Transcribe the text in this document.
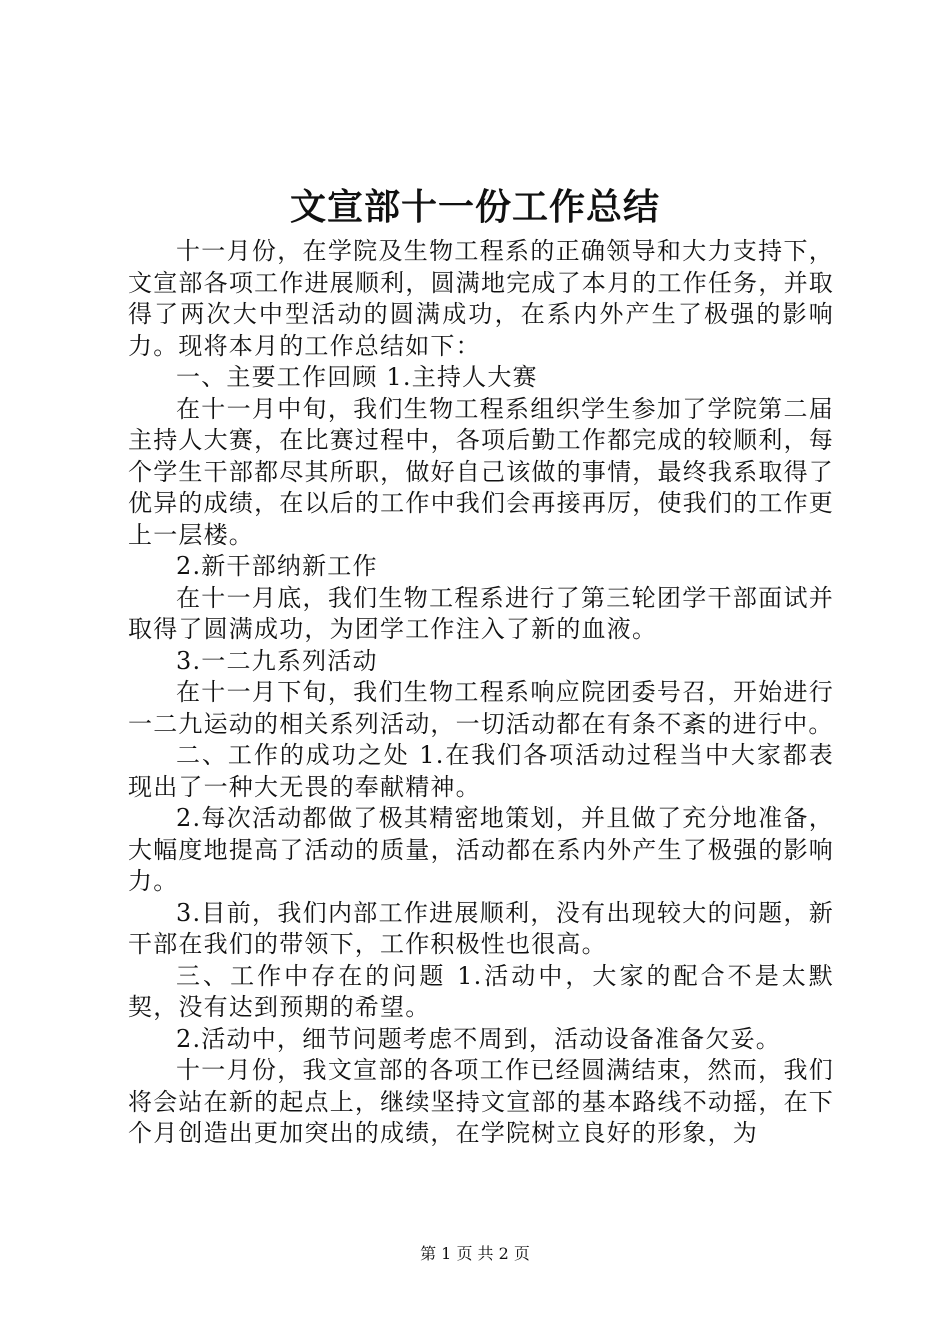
文宣部十一份工作总结

十一月份，在学院及生物工程系的正确领导和大力支持下，文宣部各项工作进展顺利，圆满地完成了本月的工作任务，并取得了两次大中型活动的圆满成功，在系内外产生了极强的影响力。现将本月的工作总结如下：

一、主要工作回顾 1.主持人大赛

在十一月中旬，我们生物工程系组织学生参加了学院第二届主持人大赛，在比赛过程中，各项后勤工作都完成的较顺利，每个学生干部都尽其所职，做好自己该做的事情，最终我系取得了优异的成绩，在以后的工作中我们会再接再厉，使我们的工作更上一层楼。

2.新干部纳新工作

在十一月底，我们生物工程系进行了第三轮团学干部面试并取得了圆满成功，为团学工作注入了新的血液。

3.一二九系列活动

在十一月下旬，我们生物工程系响应院团委号召，开始进行一二九运动的相关系列活动，一切活动都在有条不紊的进行中。

二、工作的成功之处 1.在我们各项活动过程当中大家都表现出了一种大无畏的奉献精神。

2.每次活动都做了极其精密地策划，并且做了充分地准备，大幅度地提高了活动的质量，活动都在系内外产生了极强的影响力。

3.目前，我们内部工作进展顺利，没有出现较大的问题，新干部在我们的带领下，工作积极性也很高。

三、工作中存在的问题 1.活动中，大家的配合不是太默契，没有达到预期的希望。

2.活动中，细节问题考虑不周到，活动设备准备欠妥。

十一月份，我文宣部的各项工作已经圆满结束，然而，我们将会站在新的起点上，继续坚持文宣部的基本路线不动摇，在下个月创造出更加突出的成绩，在学院树立良好的形象，为

第 1 页 共 2 页
